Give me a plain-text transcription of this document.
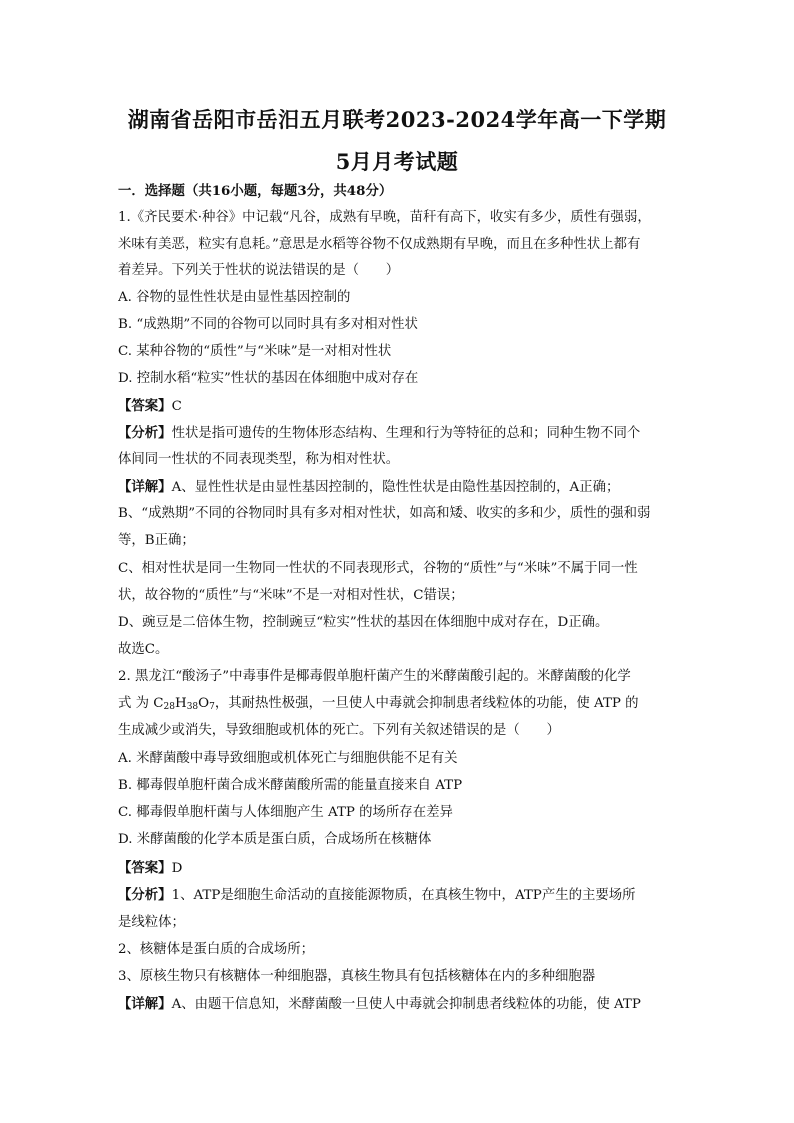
湖南省岳阳市岳汨五月联考2023-2024学年高一下学期
5月月考试题
一．选择题（共16小题，每题3分，共48分）
1.《齐民要术·种谷》中记载“凡谷，成熟有早晚，苗秆有高下，收实有多少，质性有强弱，
米味有美恶，粒实有息耗。”意思是水稻等谷物不仅成熟期有早晚，而且在多种性状上都有
着差异。下列关于性状的说法错误的是（　　）
A. 谷物的显性性状是由显性基因控制的
B. “成熟期”不同的谷物可以同时具有多对相对性状
C. 某种谷物的“质性”与“米味”是一对相对性状
D. 控制水稻“粒实”性状的基因在体细胞中成对存在
【答案】C
【分析】性状是指可遗传的生物体形态结构、生理和行为等特征的总和；同种生物不同个
体间同一性状的不同表现类型，称为相对性状。
【详解】A、显性性状是由显性基因控制的，隐性性状是由隐性基因控制的，A正确；
B、“成熟期”不同的谷物同时具有多对相对性状，如高和矮、收实的多和少，质性的强和弱
等，B正确；
C、相对性状是同一生物同一性状的不同表现形式，谷物的“质性”与“米味”不属于同一性
状，故谷物的“质性”与“米味”不是一对相对性状，C错误；
D、豌豆是二倍体生物，控制豌豆“粒实”性状的基因在体细胞中成对存在，D正确。
故选C。
2. 黑龙江“酸汤子”中毒事件是椰毒假单胞杆菌产生的米酵菌酸引起的。米酵菌酸的化学
式 为 $C_{28}H_{38}O_7$，其耐热性极强，一旦使人中毒就会抑制患者线粒体的功能，使 ATP 的
生成减少或消失，导致细胞或机体的死亡。下列有关叙述错误的是（　　）
A. 米酵菌酸中毒导致细胞或机体死亡与细胞供能不足有关
B. 椰毒假单胞杆菌合成米酵菌酸所需的能量直接来自 ATP
C. 椰毒假单胞杆菌与人体细胞产生 ATP 的场所存在差异
D. 米酵菌酸的化学本质是蛋白质，合成场所在核糖体
【答案】D
【分析】1、ATP是细胞生命活动的直接能源物质，在真核生物中，ATP产生的主要场所
是线粒体；
2、核糖体是蛋白质的合成场所；
3、原核生物只有核糖体一种细胞器，真核生物具有包括核糖体在内的多种细胞器
【详解】A、由题干信息知，米酵菌酸一旦使人中毒就会抑制患者线粒体的功能，使 ATP
